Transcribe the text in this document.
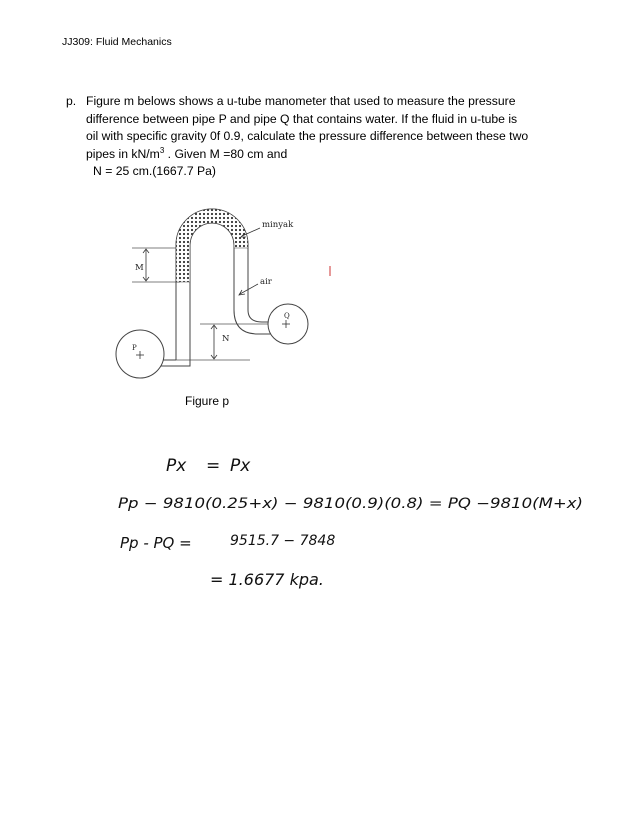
JJ309: Fluid Mechanics
p. Figure m belows shows a u-tube manometer that used to measure the pressure
difference between pipe P and pipe Q that contains water. If the fluid in u-tube is
oil with specific gravity 0f 0.9, calculate the pressure difference between these two
pipes in $kN/m^3$ . Given M =80 cm and
N = 25 cm.(1667.7 Pa)
minyak
air
M
N
P
Q
Figure p
Px = Px
Pp − 9810(0.25+x) − 9810(0.9)(0.8) = PQ −9810(M+x)
Pp - PQ =	9515.7 − 7848
= 1.6677 kpa.
